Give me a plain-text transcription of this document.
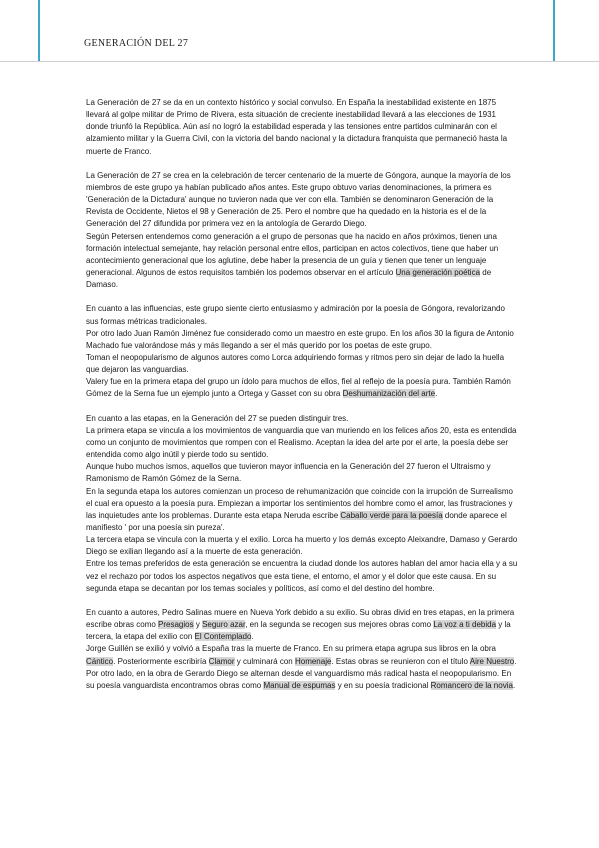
GENERACIÓN DEL 27

La Generación de 27 se da en un contexto histórico y social convulso. En España la inestabilidad existente en 1875 llevará al golpe militar de Primo de Rivera, esta situación de creciente inestabilidad llevará a las elecciones de 1931 donde triunfó la República. Aún así no logró la estabilidad esperada y las tensiones entre partidos culminarán con el alzamiento militar y la Guerra Civil, con la victoria del bando nacional y la dictadura franquista que permaneció hasta la muerte de Franco.

La Generación de 27 se crea en la celebración de tercer centenario de la muerte de Góngora, aunque la mayoría de los miembros de este grupo ya habían publicado años antes. Este grupo obtuvo varias denominaciones, la primera es 'Generación de la Dictadura' aunque no tuvieron nada que ver con ella. También se denominaron Generación de la Revista de Occidente, Nietos el 98 y Generación de 25. Pero el nombre que ha quedado en la historia es el de la Generación del 27 difundida por primera vez en la antología de Gerardo Diego.
Según Petersen entendemos como generación a el grupo de personas que ha nacido en años próximos, tienen una formación intelectual semejante, hay relación personal entre ellos, participan en actos colectivos, tiene que haber un acontecimiento generacional que los aglutine, debe haber la presencia de un guía y tienen que tener un lenguaje generacional. Algunos de estos requisitos también los podemos observar en el artículo Una generación poética de Damaso.

En cuanto a las influencias, este grupo siente cierto entusiasmo y admiración por la poesía de Góngora, revalorizando sus formas métricas tradicionales.
Por otro lado Juan Ramón Jiménez fue considerado como un maestro en este grupo. En los años 30 la figura de Antonio Machado fue valorándose más y más llegando a ser el más querido por los poetas de este grupo.
Toman el neopopularismo de algunos autores como Lorca adquiriendo formas y ritmos pero sin dejar de lado la huella que dejaron las vanguardias.
Valery fue en la primera etapa del grupo un ídolo para muchos de ellos, fiel al reflejo de la poesía pura. También Ramón Gómez de la Serna fue un ejemplo junto a Ortega y Gasset con su obra Deshumanización del arte.

En cuanto a las etapas, en la Generación del 27 se pueden distinguir tres.
La primera etapa se vincula a los movimientos de vanguardia que van muriendo en los felices años 20, esta es entendida como un conjunto de movimientos que rompen con el Realismo. Aceptan la idea del arte por el arte, la poesía debe ser entendida como algo inútil y pierde todo su sentido.
Aunque hubo muchos ismos, aquellos que tuvieron mayor influencia en la Generación del 27 fueron el Ultraismo y Ramonismo de Ramón Gómez de la Serna.
En la segunda etapa los autores comienzan un proceso de rehumanización que coincide con la irrupción de Surrealismo el cual era opuesto a la poesía pura. Empiezan a importar los sentimientos del hombre como el amor, las frustraciones y las inquietudes ante los problemas. Durante esta etapa Neruda escribe Caballo verde para la poesía donde aparece el manifiesto ' por una poesía sin pureza'.
La tercera etapa se vincula con la muerta y el exilio. Lorca ha muerto y los demás excepto Aleixandre, Damaso y Gerardo Diego se exilian llegando así a la muerte de esta generación.
Entre los temas preferidos de esta generación se encuentra la ciudad donde los autores hablan del amor hacia ella y a su vez el rechazo por todos los aspectos negativos que esta tiene, el entorno, el amor y el dolor que este causa. En su segunda etapa se decantan por los temas sociales y políticos, así como el del destino del hombre.

En cuanto a autores, Pedro Salinas muere en Nueva York debido a su exilio. Su obras divid en tres etapas, en la primera escribe obras como Presagios y Seguro azar, en la segunda se recogen sus mejores obras como La voz a ti debida y la tercera, la etapa del exilio con El Contemplado.
Jorge Guillén se exilió y volvió a España tras la muerte de Franco. En su primera etapa agrupa sus libros en la obra Cántico. Posteriormente escribiría Clamor y culminará con Homenaje. Estas obras se reunieron con el título Aire Nuestro.
Por otro lado, en la obra de Gerardo Diego se alternan desde el vanguardismo más radical hasta el neopopularismo. En su poesía vanguardista encontramos obras como Manual de espumas y en su poesía tradicional Romancero de la novia.
